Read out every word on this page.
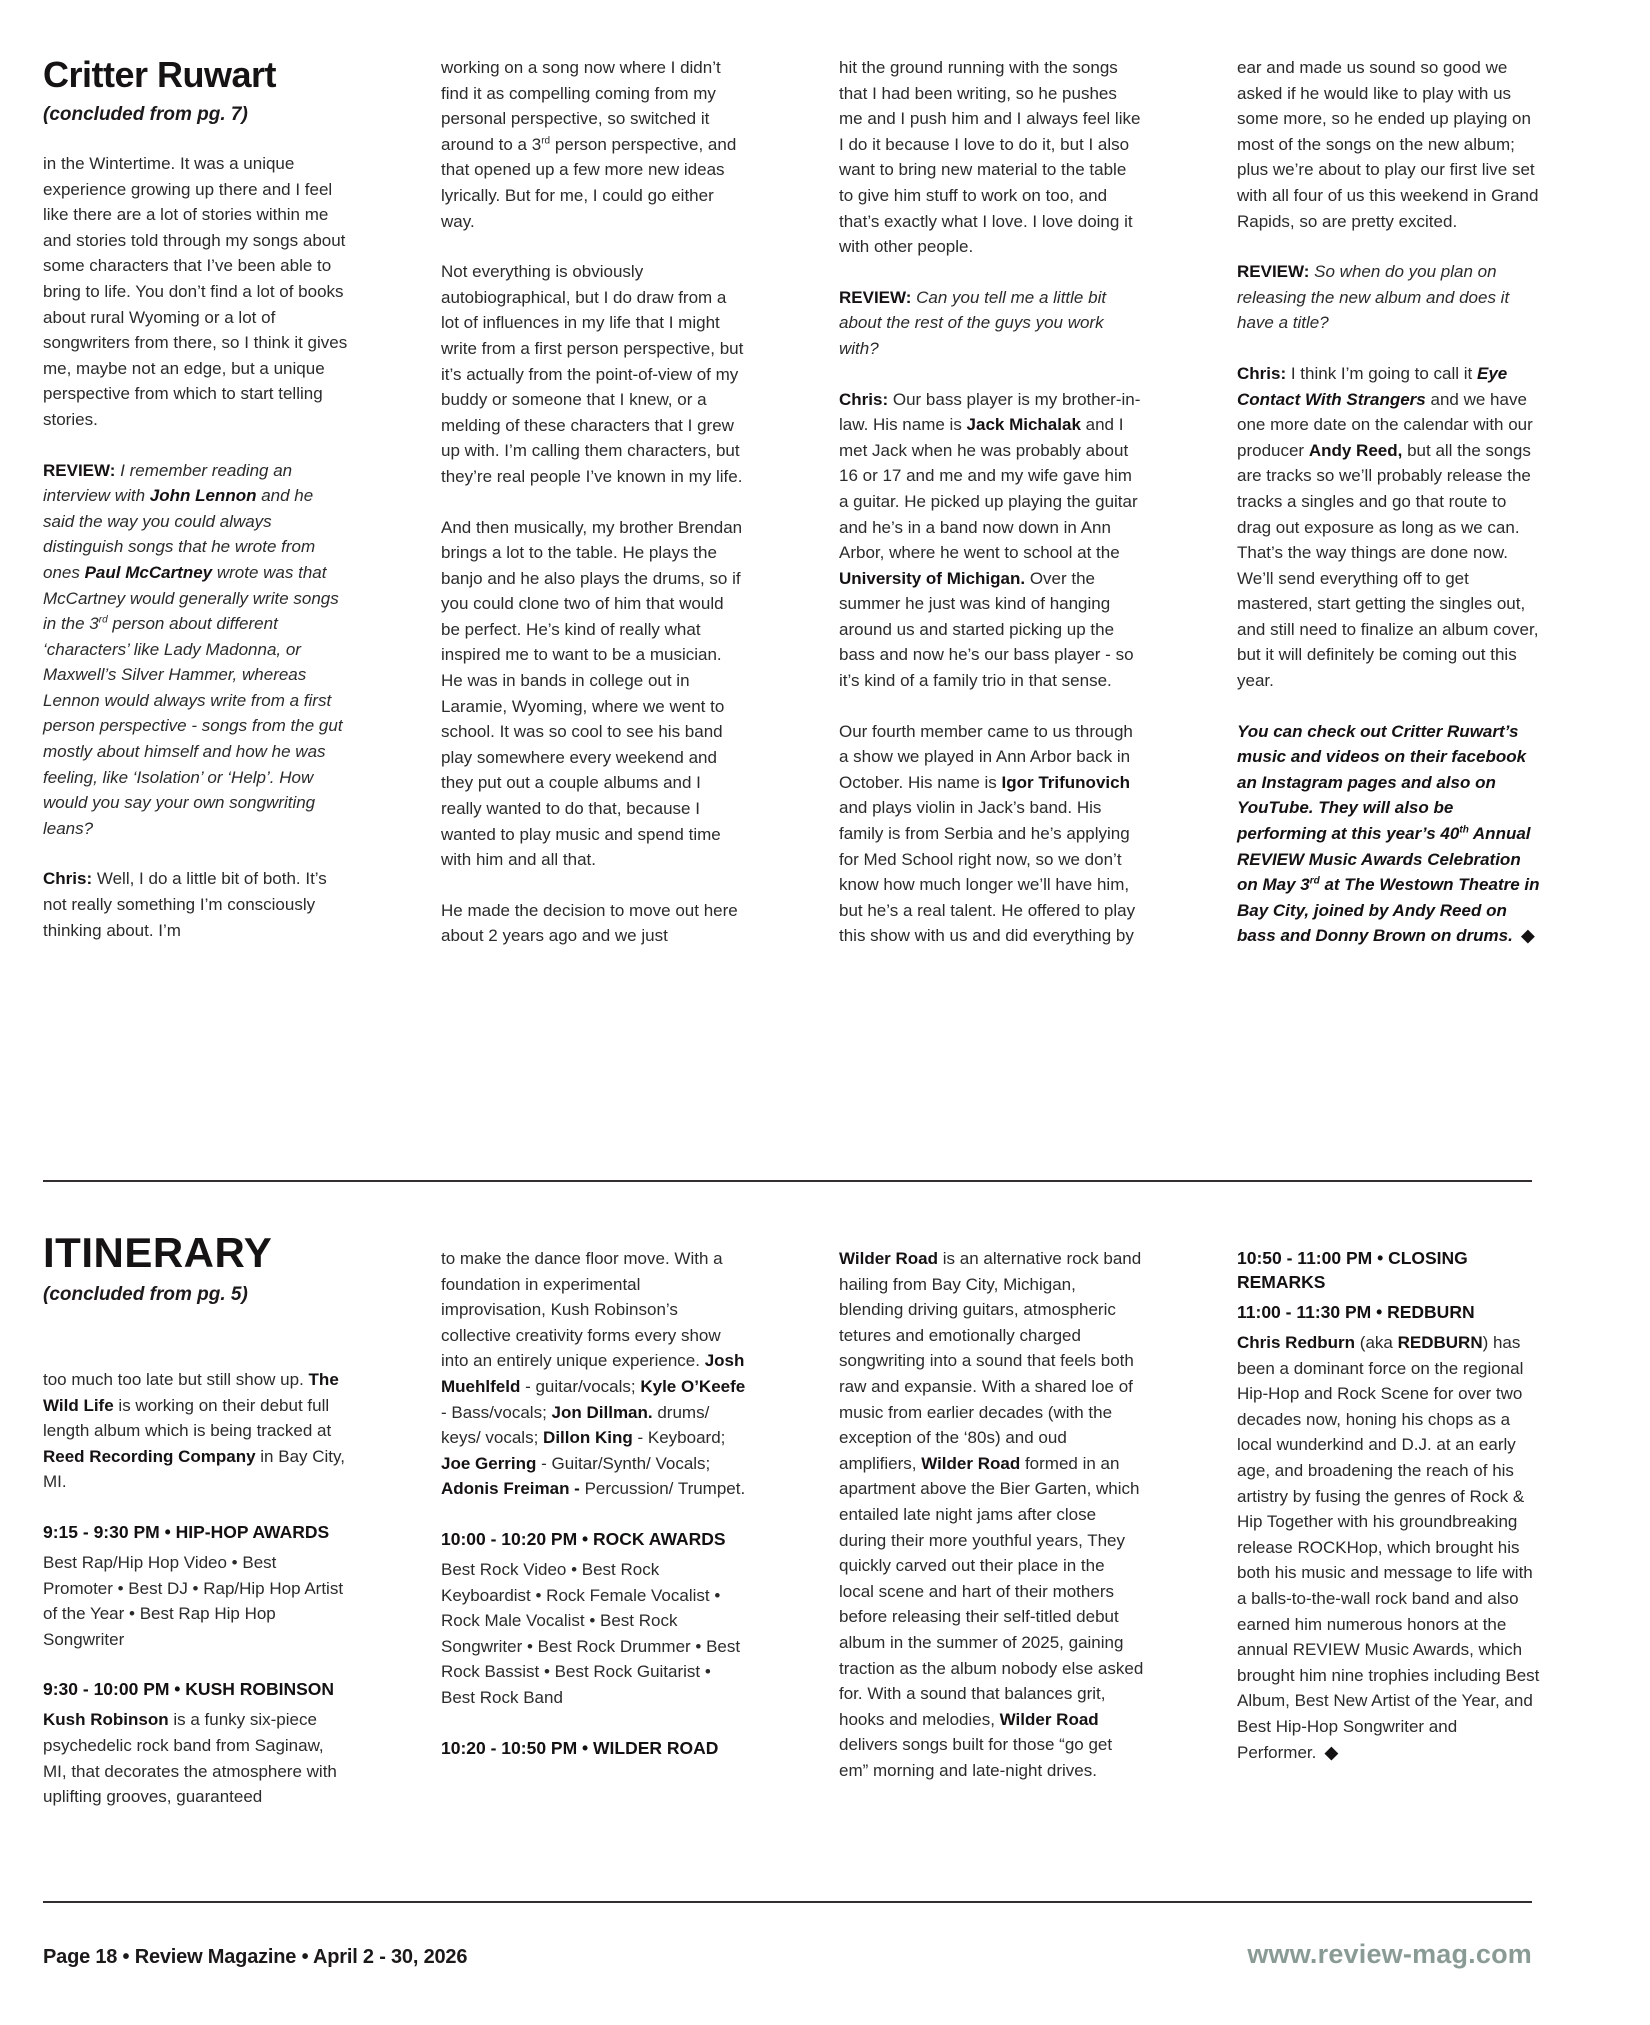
Critter Ruwart
(concluded from pg. 7)

in the Wintertime. It was a unique experience growing up there and I feel like there are a lot of stories within me and stories told through my songs about some characters that I’ve been able to bring to life. You don’t find a lot of books about rural Wyoming or a lot of songwriters from there, so I think it gives me, maybe not an edge, but a unique perspective from which to start telling stories.

REVIEW: I remember reading an interview with John Lennon and he said the way you could always distinguish songs that he wrote from ones Paul McCartney wrote was that McCartney would generally write songs in the 3rd person about different ‘characters’ like Lady Madonna, or Maxwell’s Silver Hammer, whereas Lennon would always write from a first person perspective - songs from the gut mostly about himself and how he was feeling, like ‘Isolation’ or ‘Help’. How would you say your own songwriting leans?

Chris: Well, I do a little bit of both. It’s not really something I’m consciously thinking about. I’m

working on a song now where I didn’t find it as compelling coming from my personal perspective, so switched it around to a 3rd person perspective, and that opened up a few more new ideas lyrically. But for me, I could go either way.

Not everything is obviously autobiographical, but I do draw from a lot of influences in my life that I might write from a first person perspective, but it’s actually from the point-of-view of my buddy or someone that I knew, or a melding of these characters that I grew up with. I’m calling them characters, but they’re real people I’ve known in my life.

And then musically, my brother Brendan brings a lot to the table. He plays the banjo and he also plays the drums, so if you could clone two of him that would be perfect. He’s kind of really what inspired me to want to be a musician. He was in bands in college out in Laramie, Wyoming, where we went to school. It was so cool to see his band play somewhere every weekend and they put out a couple albums and I really wanted to do that, because I wanted to play music and spend time with him and all that.

He made the decision to move out here about 2 years ago and we just

hit the ground running with the songs that I had been writing, so he pushes me and I push him and I always feel like I do it because I love to do it, but I also want to bring new material to the table to give him stuff to work on too, and that’s exactly what I love. I love doing it with other people.

REVIEW: Can you tell me a little bit about the rest of the guys you work with?

Chris: Our bass player is my brother-in-law. His name is Jack Michalak and I met Jack when he was probably about 16 or 17 and me and my wife gave him a guitar. He picked up playing the guitar and he’s in a band now down in Ann Arbor, where he went to school at the University of Michigan. Over the summer he just was kind of hanging around us and started picking up the bass and now he’s our bass player - so it’s kind of a family trio in that sense.

Our fourth member came to us through a show we played in Ann Arbor back in October. His name is Igor Trifunovich and plays violin in Jack’s band. His family is from Serbia and he’s applying for Med School right now, so we don’t know how much longer we’ll have him, but he’s a real talent. He offered to play this show with us and did everything by

ear and made us sound so good we asked if he would like to play with us some more, so he ended up playing on most of the songs on the new album; plus we’re about to play our first live set with all four of us this weekend in Grand Rapids, so are pretty excited.

REVIEW: So when do you plan on releasing the new album and does it have a title?

Chris: I think I’m going to call it Eye Contact With Strangers and we have one more date on the calendar with our producer Andy Reed, but all the songs are tracks so we’ll probably release the tracks a singles and go that route to drag out exposure as long as we can. That’s the way things are done now. We’ll send everything off to get mastered, start getting the singles out, and still need to finalize an album cover, but it will definitely be coming out this year.

You can check out Critter Ruwart’s music and videos on their facebook an Instagram pages and also on YouTube. They will also be performing at this year’s 40th Annual REVIEW Music Awards Celebration on May 3rd at The Westown Theatre in Bay City, joined by Andy Reed on bass and Donny Brown on drums. ◆

ITINERARY
(concluded from pg. 5)

too much too late but still show up. The Wild Life is working on their debut full length album which is being tracked at Reed Recording Company in Bay City, MI.

9:15 - 9:30 PM • HIP-HOP AWARDS

Best Rap/Hip Hop Video • Best Promoter • Best DJ • Rap/Hip Hop Artist of the Year • Best Rap Hip Hop Songwriter

9:30 - 10:00 PM • KUSH ROBINSON

Kush Robinson is a funky six-piece psychedelic rock band from Saginaw, MI, that decorates the atmosphere with uplifting grooves, guaranteed

to make the dance floor move. With a foundation in experimental improvisation, Kush Robinson’s collective creativity forms every show into an entirely unique experience. Josh Muehlfeld - guitar/vocals; Kyle O’Keefe - Bass/vocals; Jon Dillman. drums/ keys/ vocals; Dillon King - Keyboard; Joe Gerring - Guitar/Synth/ Vocals; Adonis Freiman - Percussion/ Trumpet.

10:00 - 10:20 PM • ROCK AWARDS

Best Rock Video • Best Rock Keyboardist • Rock Female Vocalist • Rock Male Vocalist • Best Rock Songwriter • Best Rock Drummer • Best Rock Bassist • Best Rock Guitarist • Best Rock Band

10:20 - 10:50 PM • WILDER ROAD

Wilder Road is an alternative rock band hailing from Bay City, Michigan, blending driving guitars, atmospheric tetures and emotionally charged songwriting into a sound that feels both raw and expansie. With a shared loe of music from earlier decades (with the exception of the ‘80s) and oud amplifiers, Wilder Road formed in an apartment above the Bier Garten, which entailed late night jams after close during their more youthful years, They quickly carved out their place in the local scene and hart of their mothers before releasing their self-titled debut album in the summer of 2025, gaining traction as the album nobody else asked for. With a sound that balances grit, hooks and melodies, Wilder Road delivers songs built for those “go get em” morning and late-night drives.

10:50 - 11:00 PM • CLOSING REMARKS

11:00 - 11:30 PM • REDBURN

Chris Redburn (aka REDBURN) has been a dominant force on the regional Hip-Hop and Rock Scene for over two decades now, honing his chops as a local wunderkind and D.J. at an early age, and broadening the reach of his artistry by fusing the genres of Rock & Hip Together with his groundbreaking release ROCKHop, which brought his both his music and message to life with a balls-to-the-wall rock band and also earned him numerous honors at the annual REVIEW Music Awards, which brought him nine trophies including Best Album, Best New Artist of the Year, and Best Hip-Hop Songwriter and Performer. ◆

Page 18 • Review Magazine • April 2 - 30, 2026	www.review-mag.com
